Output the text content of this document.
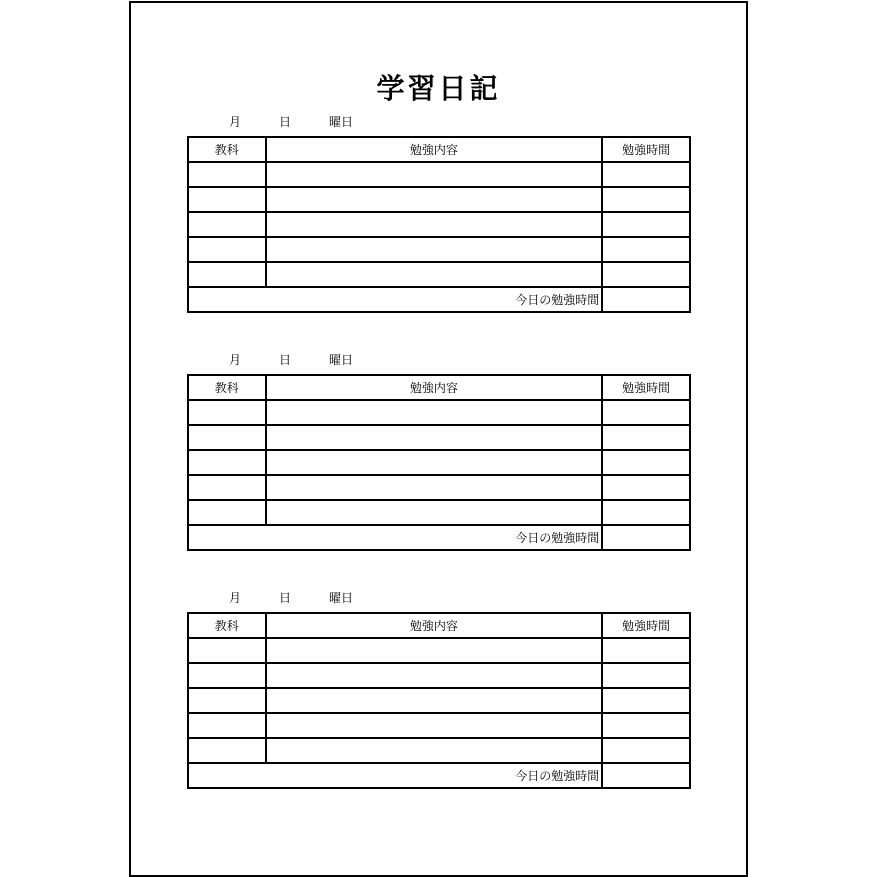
学習日記
月	日	曜日
教科	勉強内容	勉強時間

今日の勉強時間		
月	日	曜日
教科	勉強内容	勉強時間

今日の勉強時間		
月	日	曜日
教科	勉強内容	勉強時間

今日の勉強時間		
